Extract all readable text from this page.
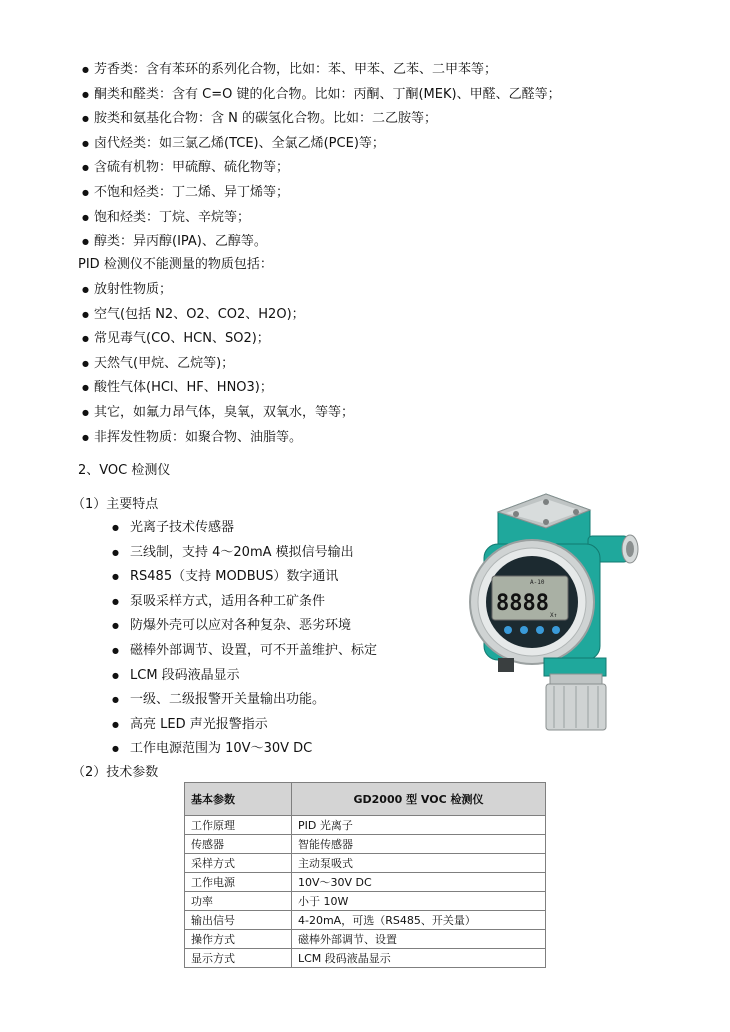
● 芳香类：含有苯环的系列化合物，比如：苯、甲苯、乙苯、二甲苯等；
● 酮类和醛类：含有 C=O 键的化合物。比如：丙酮、丁酮(MEK)、甲醛、乙醛等；
● 胺类和氨基化合物：含 N 的碳氢化合物。比如：二乙胺等；
● 卤代烃类：如三氯乙烯(TCE)、全氯乙烯(PCE)等；
● 含硫有机物：甲硫醇、硫化物等；
● 不饱和烃类：丁二烯、异丁烯等；
● 饱和烃类：丁烷、辛烷等；
● 醇类：异丙醇(IPA)、乙醇等。
PID 检测仪不能测量的物质包括：
● 放射性物质；
● 空气(包括 N2、O2、CO2、H2O)；
● 常见毒气(CO、HCN、SO2)；
● 天然气(甲烷、乙烷等)；
● 酸性气体(HCl、HF、HNO3)；
● 其它，如氟力昂气体，臭氧，双氧水，等等；
● 非挥发性物质：如聚合物、油脂等。
2、VOC 检测仪
（1）主要特点
● 光离子技术传感器
● 三线制，支持 4～20mA 模拟信号输出
● RS485（支持 MODBUS）数字通讯
● 泵吸采样方式，适用各种工矿条件
● 防爆外壳可以应对各种复杂、恶劣环境
● 磁棒外部调节、设置，可不开盖维护、标定
● LCM 段码液晶显示
● 一级、二级报警开关量输出功能。
● 高亮 LED 声光报警指示
● 工作电源范围为 10V～30V DC
（2）技术参数
A-10
8888 X↑
基本参数	GD2000 型 VOC 检测仪
工作原理	PID 光离子
传感器	智能传感器
采样方式	主动泵吸式
工作电源	10V～30V DC
功率	小于 10W
输出信号	4-20mA，可选（RS485、开关量）
操作方式	磁棒外部调节、设置
显示方式	LCM 段码液晶显示
